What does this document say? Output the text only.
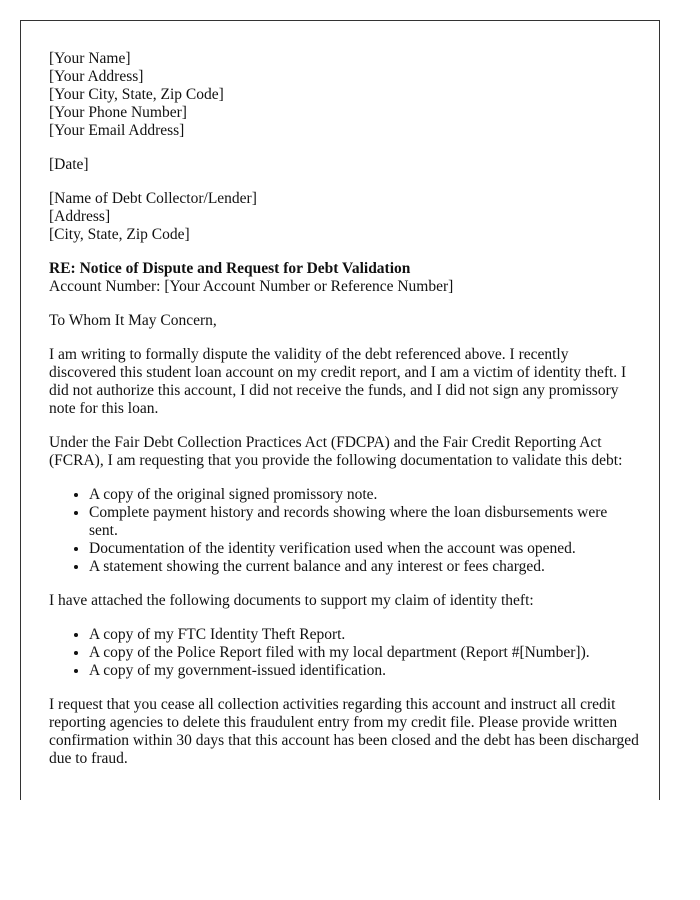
[Your Name]
[Your Address]
[Your City, State, Zip Code]
[Your Phone Number]
[Your Email Address]
[Date]
[Name of Debt Collector/Lender]
[Address]
[City, State, Zip Code]
RE: Notice of Dispute and Request for Debt Validation
Account Number: [Your Account Number or Reference Number]

To Whom It May Concern,

I am writing to formally dispute the validity of the debt referenced above. I recently discovered this student loan account on my credit report, and I am a victim of identity theft. I did not authorize this account, I did not receive the funds, and I did not sign any promissory note for this loan.

Under the Fair Debt Collection Practices Act (FDCPA) and the Fair Credit Reporting Act (FCRA), I am requesting that you provide the following documentation to validate this debt:

• A copy of the original signed promissory note.
• Complete payment history and records showing where the loan disbursements were sent.
• Documentation of the identity verification used when the account was opened.
• A statement showing the current balance and any interest or fees charged.

I have attached the following documents to support my claim of identity theft:

• A copy of my FTC Identity Theft Report.
• A copy of the Police Report filed with my local department (Report #[Number]).
• A copy of my government-issued identification.

I request that you cease all collection activities regarding this account and instruct all credit reporting agencies to delete this fraudulent entry from my credit file. Please provide written confirmation within 30 days that this account has been closed and the debt has been discharged due to fraud.
